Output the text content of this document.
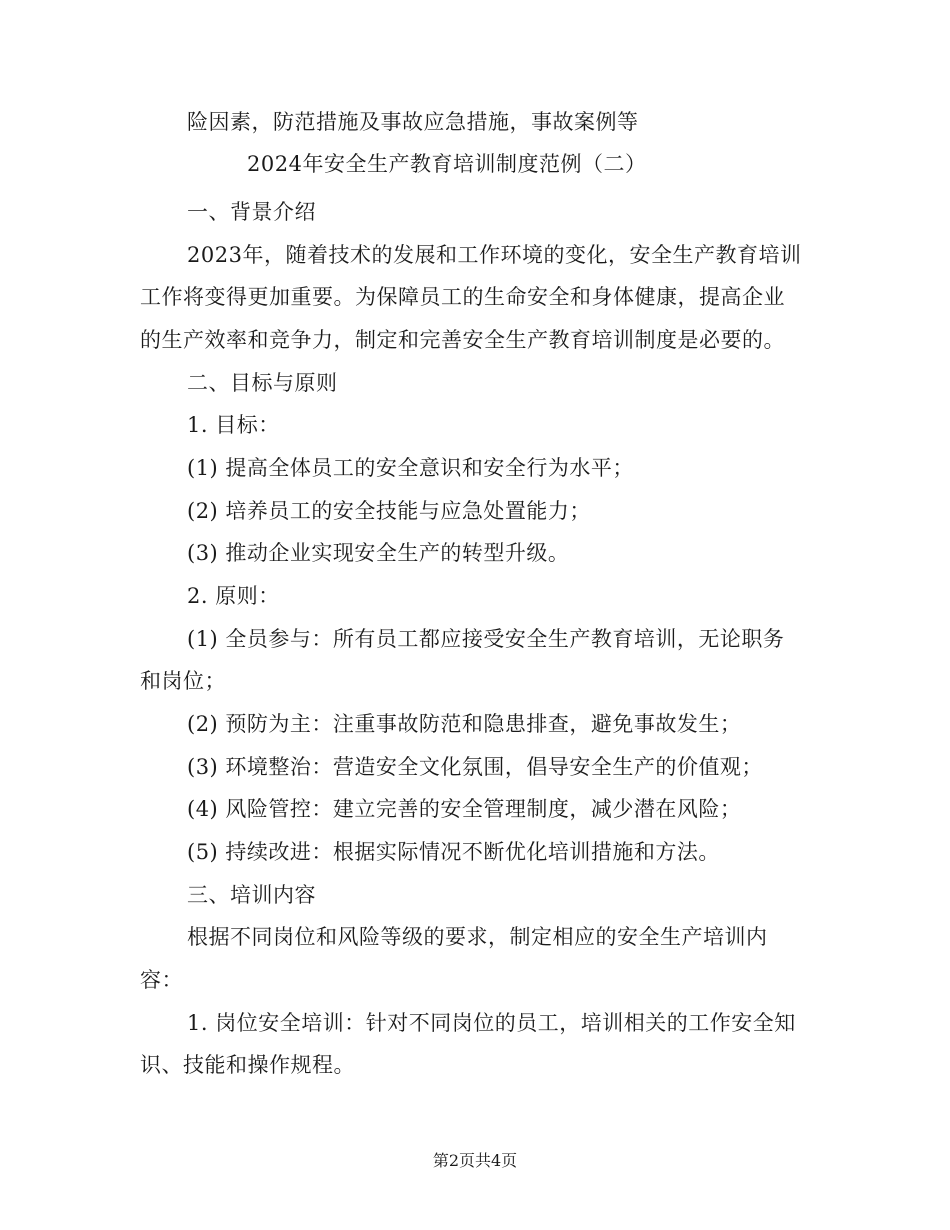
险因素，防范措施及事故应急措施，事故案例等
2024年安全生产教育培训制度范例（二）
一、背景介绍
2023年，随着技术的发展和工作环境的变化，安全生产教育培训
工作将变得更加重要。为保障员工的生命安全和身体健康，提高企业
的生产效率和竞争力，制定和完善安全生产教育培训制度是必要的。
二、目标与原则
1. 目标：
(1) 提高全体员工的安全意识和安全行为水平；
(2) 培养员工的安全技能与应急处置能力；
(3) 推动企业实现安全生产的转型升级。
2. 原则：
(1) 全员参与：所有员工都应接受安全生产教育培训，无论职务
和岗位；
(2) 预防为主：注重事故防范和隐患排查，避免事故发生；
(3) 环境整治：营造安全文化氛围，倡导安全生产的价值观；
(4) 风险管控：建立完善的安全管理制度，减少潜在风险；
(5) 持续改进：根据实际情况不断优化培训措施和方法。
三、培训内容
根据不同岗位和风险等级的要求，制定相应的安全生产培训内
容：
1. 岗位安全培训：针对不同岗位的员工，培训相关的工作安全知
识、技能和操作规程。
第2页共4页
